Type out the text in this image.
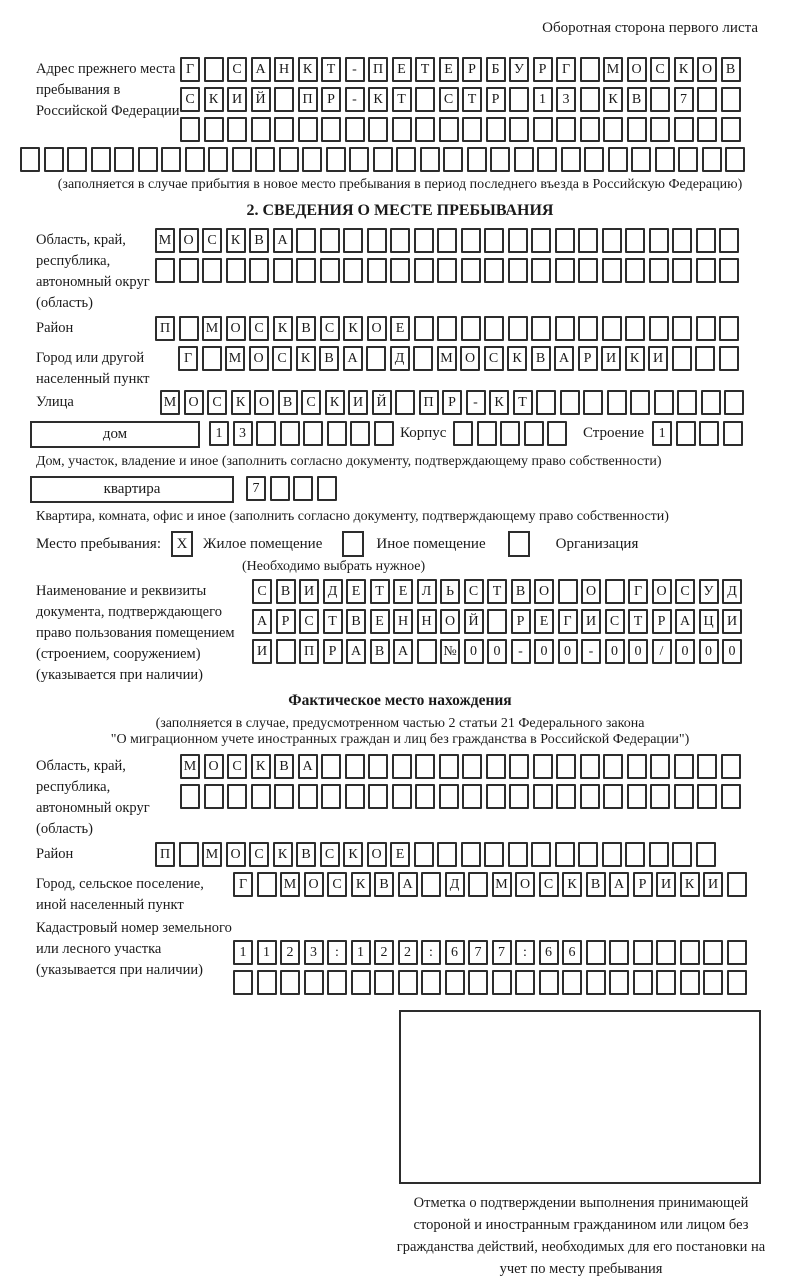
Оборотная сторона первого листа
Адрес прежнего места пребывания в Российской Федерации
Г	С А Н К	Т	-	П	Е	Т	Е	Р	Б	У	Р	Г	М О С	К О В
С	К И Й	П	Р	-	К	Т	С	Т	Р	1	3	К	В	7
(заполняется в случае прибытия в новое место пребывания в период последнего въезда в Российскую Федерацию)
2. СВЕДЕНИЯ О МЕСТЕ ПРЕБЫВАНИЯ
Область, край, республика, автономный округ (область)
М О С	К	В А
Район	П	М О С	К	В	С	К О	Е
Город или другой населенный пункт
Г	М О С	К	В А	Д	М О С	К	В А	Р	И К И
Улица	М О С	К О В	С	К И Й	П	Р	-	К	Т
дом	1	3	Корпус	Строение	1
Дом, участок, владение и иное (заполнить согласно документу, подтверждающему право собственности)
квартира	7
Квартира, комната, офис и иное (заполнить согласно документу, подтверждающему право собственности)
Место пребывания:	X	Жилое помещение	Иное помещение	Организация
(Необходимо выбрать нужное)
Наименование и реквизиты документа, подтверждающего право пользования помещением (строением, сооружением) (указывается при наличии)
С	В И Д	Е	Т	Е	Л	Ь	С	Т	В О	О	Г	О С У Д
А	Р	С	Т	В	Е	Н Н О Й	Р	Е	Г	И С	Т	Р	А Ц И
И	П	Р	А В А	№ 0	0	-	0	0	-	0	0	/	0	0	0
Фактическое место нахождения
(заполняется в случае, предусмотренном частью 2 статьи 21 Федерального закона
"О миграционном учете иностранных граждан и лиц без гражданства в Российской Федерации")
Область, край, республика, автономный округ (область)
М О С	К	В А
Район	П	М О С	К	В	С	К О	Е
Город, сельское поселение, иной населенный пункт
Г	М О С	К	В А	Д	М О С	К	В А	Р	И К И
Кадастровый номер земельного или лесного участка (указывается при наличии)
1	1	2	3	:	1	2	2	:	6	7	7	:	6	6
Отметка о подтверждении выполнения принимающей стороной и иностранным гражданином или лицом без гражданства действий, необходимых для его постановки на учет по месту пребывания
